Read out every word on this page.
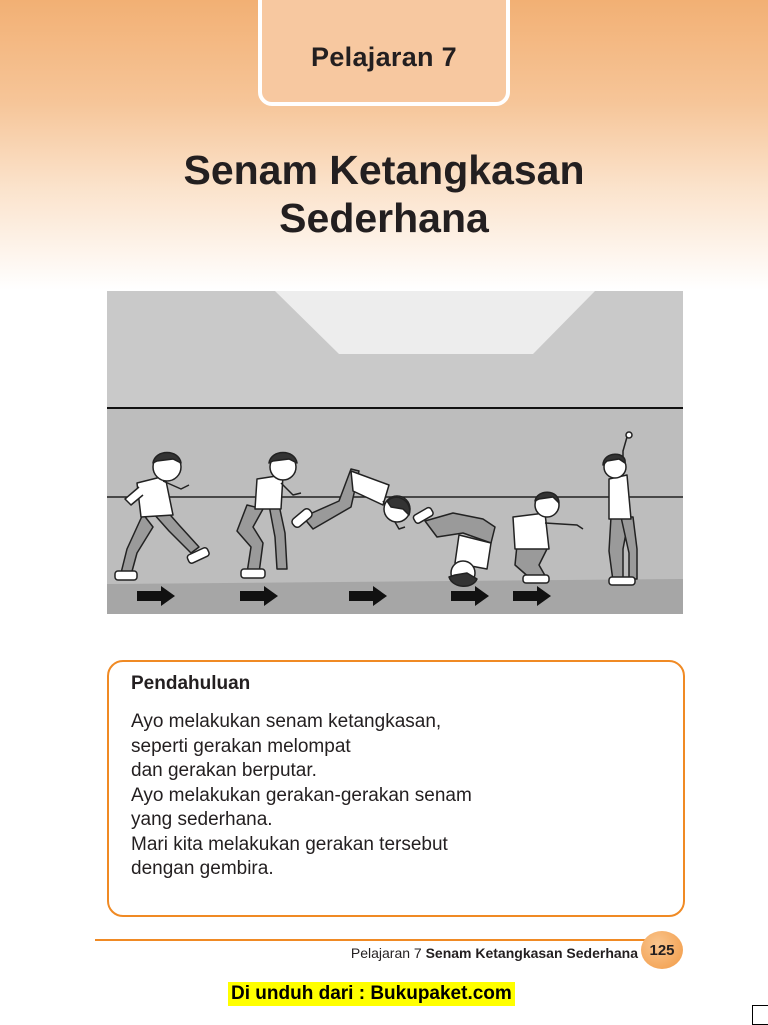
Pelajaran 7
Senam Ketangkasan
Sederhana
Pendahuluan
Ayo melakukan senam ketangkasan,
seperti gerakan melompat
dan gerakan berputar.
Ayo melakukan gerakan-gerakan senam
yang sederhana.
Mari kita melakukan gerakan tersebut
dengan gembira.
Pelajaran 7 Senam Ketangkasan Sederhana 125
Di unduh dari : Bukupaket.com
